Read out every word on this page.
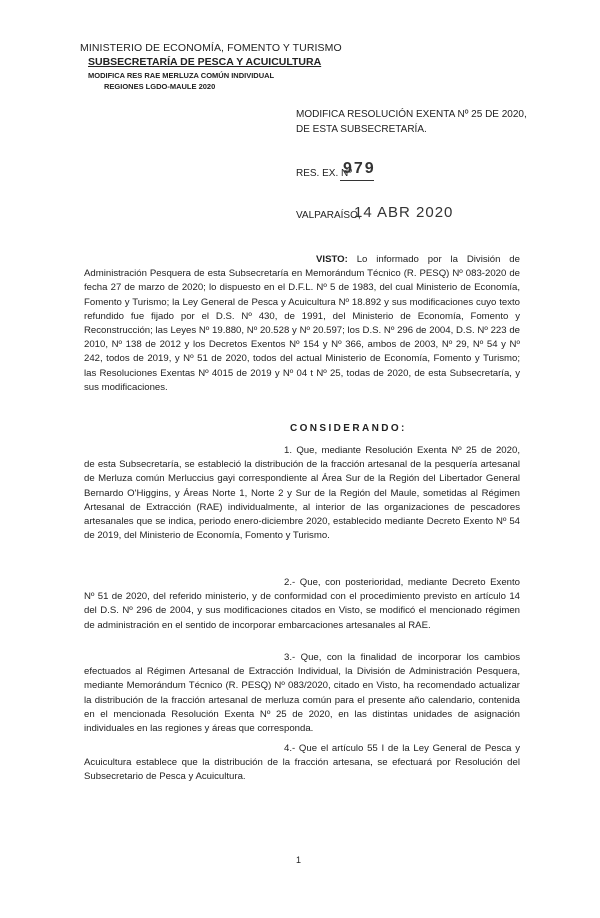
MINISTERIO DE ECONOMÍA, FOMENTO Y TURISMO
SUBSECRETARÍA DE PESCA Y ACUICULTURA
MODIFICA RES RAE MERLUZA COMÚN INDIVIDUAL
REGIONES LGDO-MAULE 2020
MODIFICA RESOLUCIÓN EXENTA Nº 25 DE 2020, DE ESTA SUBSECRETARÍA.
RES. EX. Nº
979
VALPARAÍSO,
14 ABR 2020
VISTO: Lo informado por la División de Administración Pesquera de esta Subsecretaría en Memorándum Técnico (R. PESQ) Nº 083-2020 de fecha 27 de marzo de 2020; lo dispuesto en el D.F.L. Nº 5 de 1983, del cual Ministerio de Economía, Fomento y Turismo; la Ley General de Pesca y Acuicultura Nº 18.892 y sus modificaciones cuyo texto refundido fue fijado por el D.S. Nº 430, de 1991, del Ministerio de Economía, Fomento y Reconstrucción; las Leyes Nº 19.880, Nº 20.528 y Nº 20.597; los D.S. Nº 296 de 2004, D.S. Nº 223 de 2010, Nº 138 de 2012 y los Decretos Exentos Nº 154 y Nº 366, ambos de 2003, Nº 29, Nº 54 y Nº 242, todos de 2019, y Nº 51 de 2020, todos del actual Ministerio de Economía, Fomento y Turismo; las Resoluciones Exentas Nº 4015 de 2019 y Nº 04 t Nº 25, todas de 2020, de esta Subsecretaría, y sus modificaciones.
CONSIDERANDO:
1. Que, mediante Resolución Exenta Nº 25 de 2020, de esta Subsecretaría, se estableció la distribución de la fracción artesanal de la pesquería artesanal de Merluza común Merluccius gayi correspondiente al Área Sur de la Región del Libertador General Bernardo O'Higgins, y Áreas Norte 1, Norte 2 y Sur de la Región del Maule, sometidas al Régimen Artesanal de Extracción (RAE) individualmente, al interior de las organizaciones de pescadores artesanales que se indica, periodo enero-diciembre 2020, establecido mediante Decreto Exento Nº 54 de 2019, del Ministerio de Economía, Fomento y Turismo.
2.- Que, con posterioridad, mediante Decreto Exento Nº 51 de 2020, del referido ministerio, y de conformidad con el procedimiento previsto en artículo 14 del D.S. Nº 296 de 2004, y sus modificaciones citados en Visto, se modificó el mencionado régimen de administración en el sentido de incorporar embarcaciones artesanales al RAE.
3.- Que, con la finalidad de incorporar los cambios efectuados al Régimen Artesanal de Extracción Individual, la División de Administración Pesquera, mediante Memorándum Técnico (R. PESQ) Nº 083/2020, citado en Visto, ha recomendado actualizar la distribución de la fracción artesanal de merluza común para el presente año calendario, contenida en el mencionada Resolución Exenta Nº 25 de 2020, en las distintas unidades de asignación individuales en las regiones y áreas que corresponda.
4.- Que el artículo 55 I de la Ley General de Pesca y Acuicultura establece que la distribución de la fracción artesana, se efectuará por Resolución del Subsecretario de Pesca y Acuicultura.
1
